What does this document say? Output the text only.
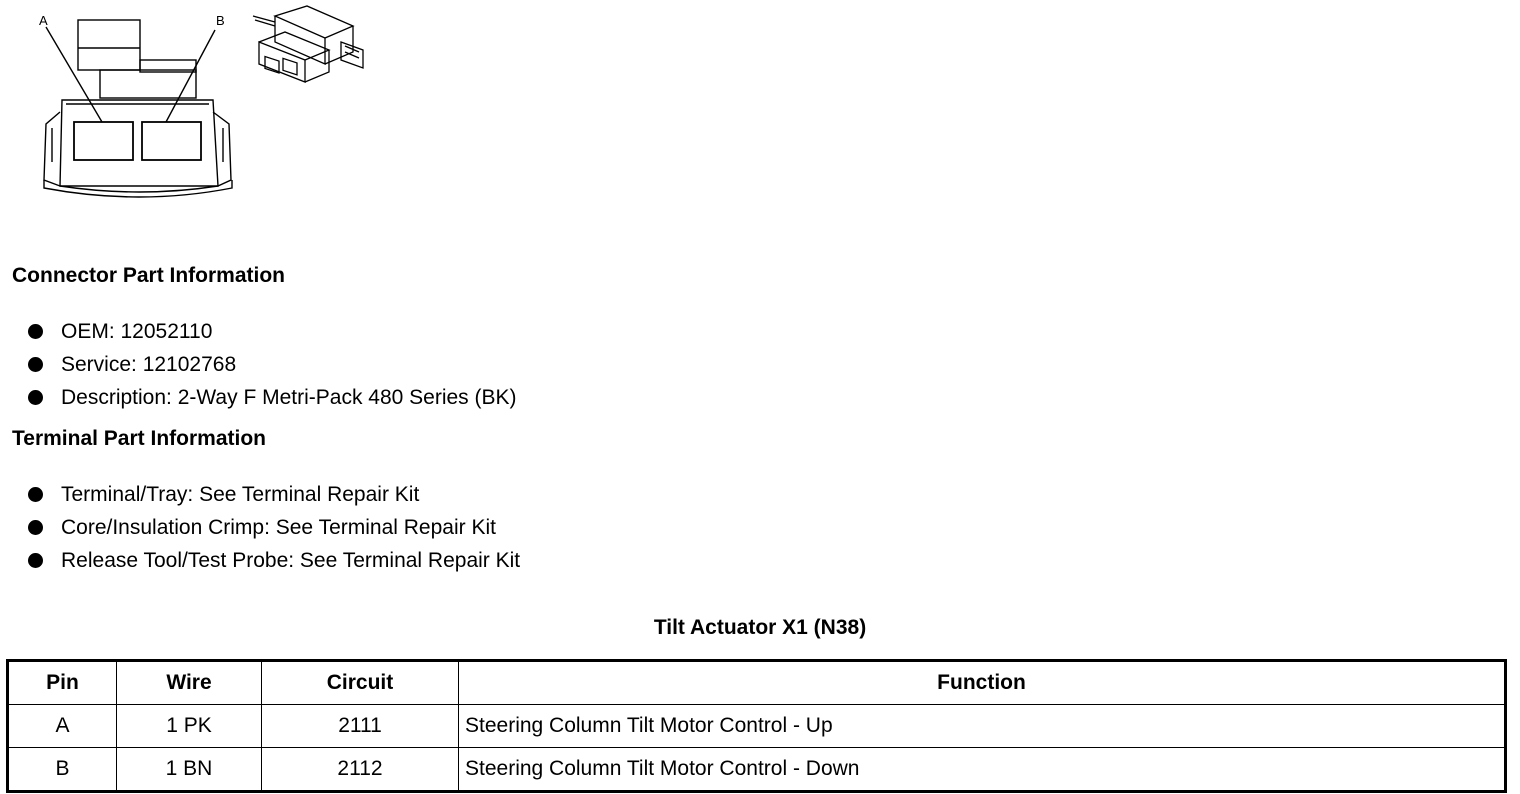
A	B
Connector Part Information
OEM: 12052110
Service: 12102768
Description: 2-Way F Metri-Pack 480 Series (BK)
Terminal Part Information
Terminal/Tray: See Terminal Repair Kit
Core/Insulation Crimp: See Terminal Repair Kit
Release Tool/Test Probe: See Terminal Repair Kit
Tilt Actuator X1 (N38)
Pin	Wire	Circuit	Function
A	1 PK	2111	Steering Column Tilt Motor Control - Up
B	1 BN	2112	Steering Column Tilt Motor Control - Down
